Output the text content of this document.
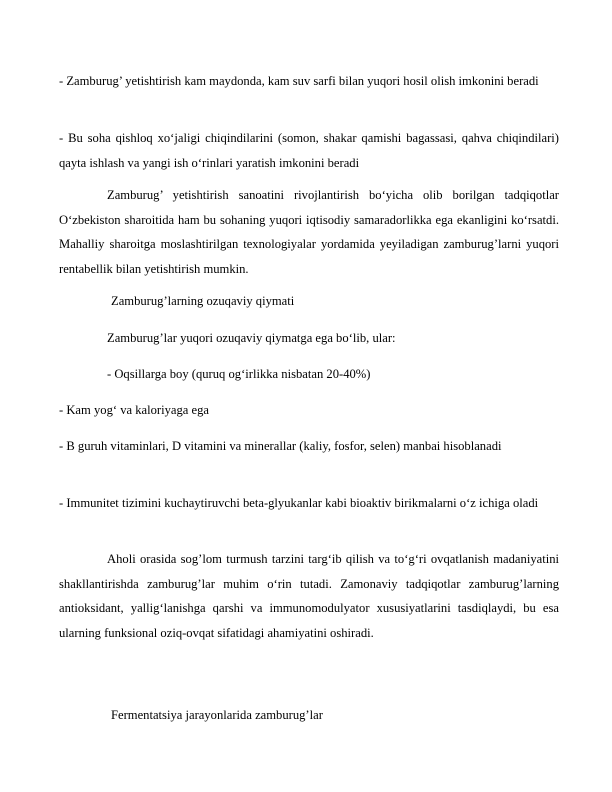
- Zamburug’ yetishtirish kam maydonda, kam suv sarfi bilan yuqori hosil olish imkonini beradi

- Bu soha qishloq xo‘jaligi chiqindilarini (somon, shakar qamishi bagassasi, qahva chiqindilari) qayta ishlash va yangi ish o‘rinlari yaratish imkonini beradi

Zamburug’ yetishtirish sanoatini rivojlantirish bo‘yicha olib borilgan tadqiqotlar O‘zbekiston sharoitida ham bu sohaning yuqori iqtisodiy samaradorlikka ega ekanligini ko‘rsatdi. Mahalliy sharoitga moslashtirilgan texnologiyalar yordamida yeyiladigan zamburug’larni yuqori rentabellik bilan yetishtirish mumkin.

Zamburug’larning ozuqaviy qiymati

Zamburug’lar yuqori ozuqaviy qiymatga ega bo‘lib, ular:

- Oqsillarga boy (quruq og‘irlikka nisbatan 20-40%)

- Kam yog‘ va kaloriyaga ega

- B guruh vitaminlari, D vitamini va minerallar (kaliy, fosfor, selen) manbai hisoblanadi

- Immunitet tizimini kuchaytiruvchi beta-glyukanlar kabi bioaktiv birikmalarni o‘z ichiga oladi

Aholi orasida sog’lom turmush tarzini targ‘ib qilish va to‘g‘ri ovqatlanish madaniyatini shakllantirishda zamburug’lar muhim o‘rin tutadi. Zamonaviy tadqiqotlar zamburug’larning antioksidant, yallig‘lanishga qarshi va immunomodulyator xususiyatlarini tasdiqlaydi, bu esa ularning funksional oziq-ovqat sifatidagi ahamiyatini oshiradi.

Fermentatsiya jarayonlarida zamburug’lar
